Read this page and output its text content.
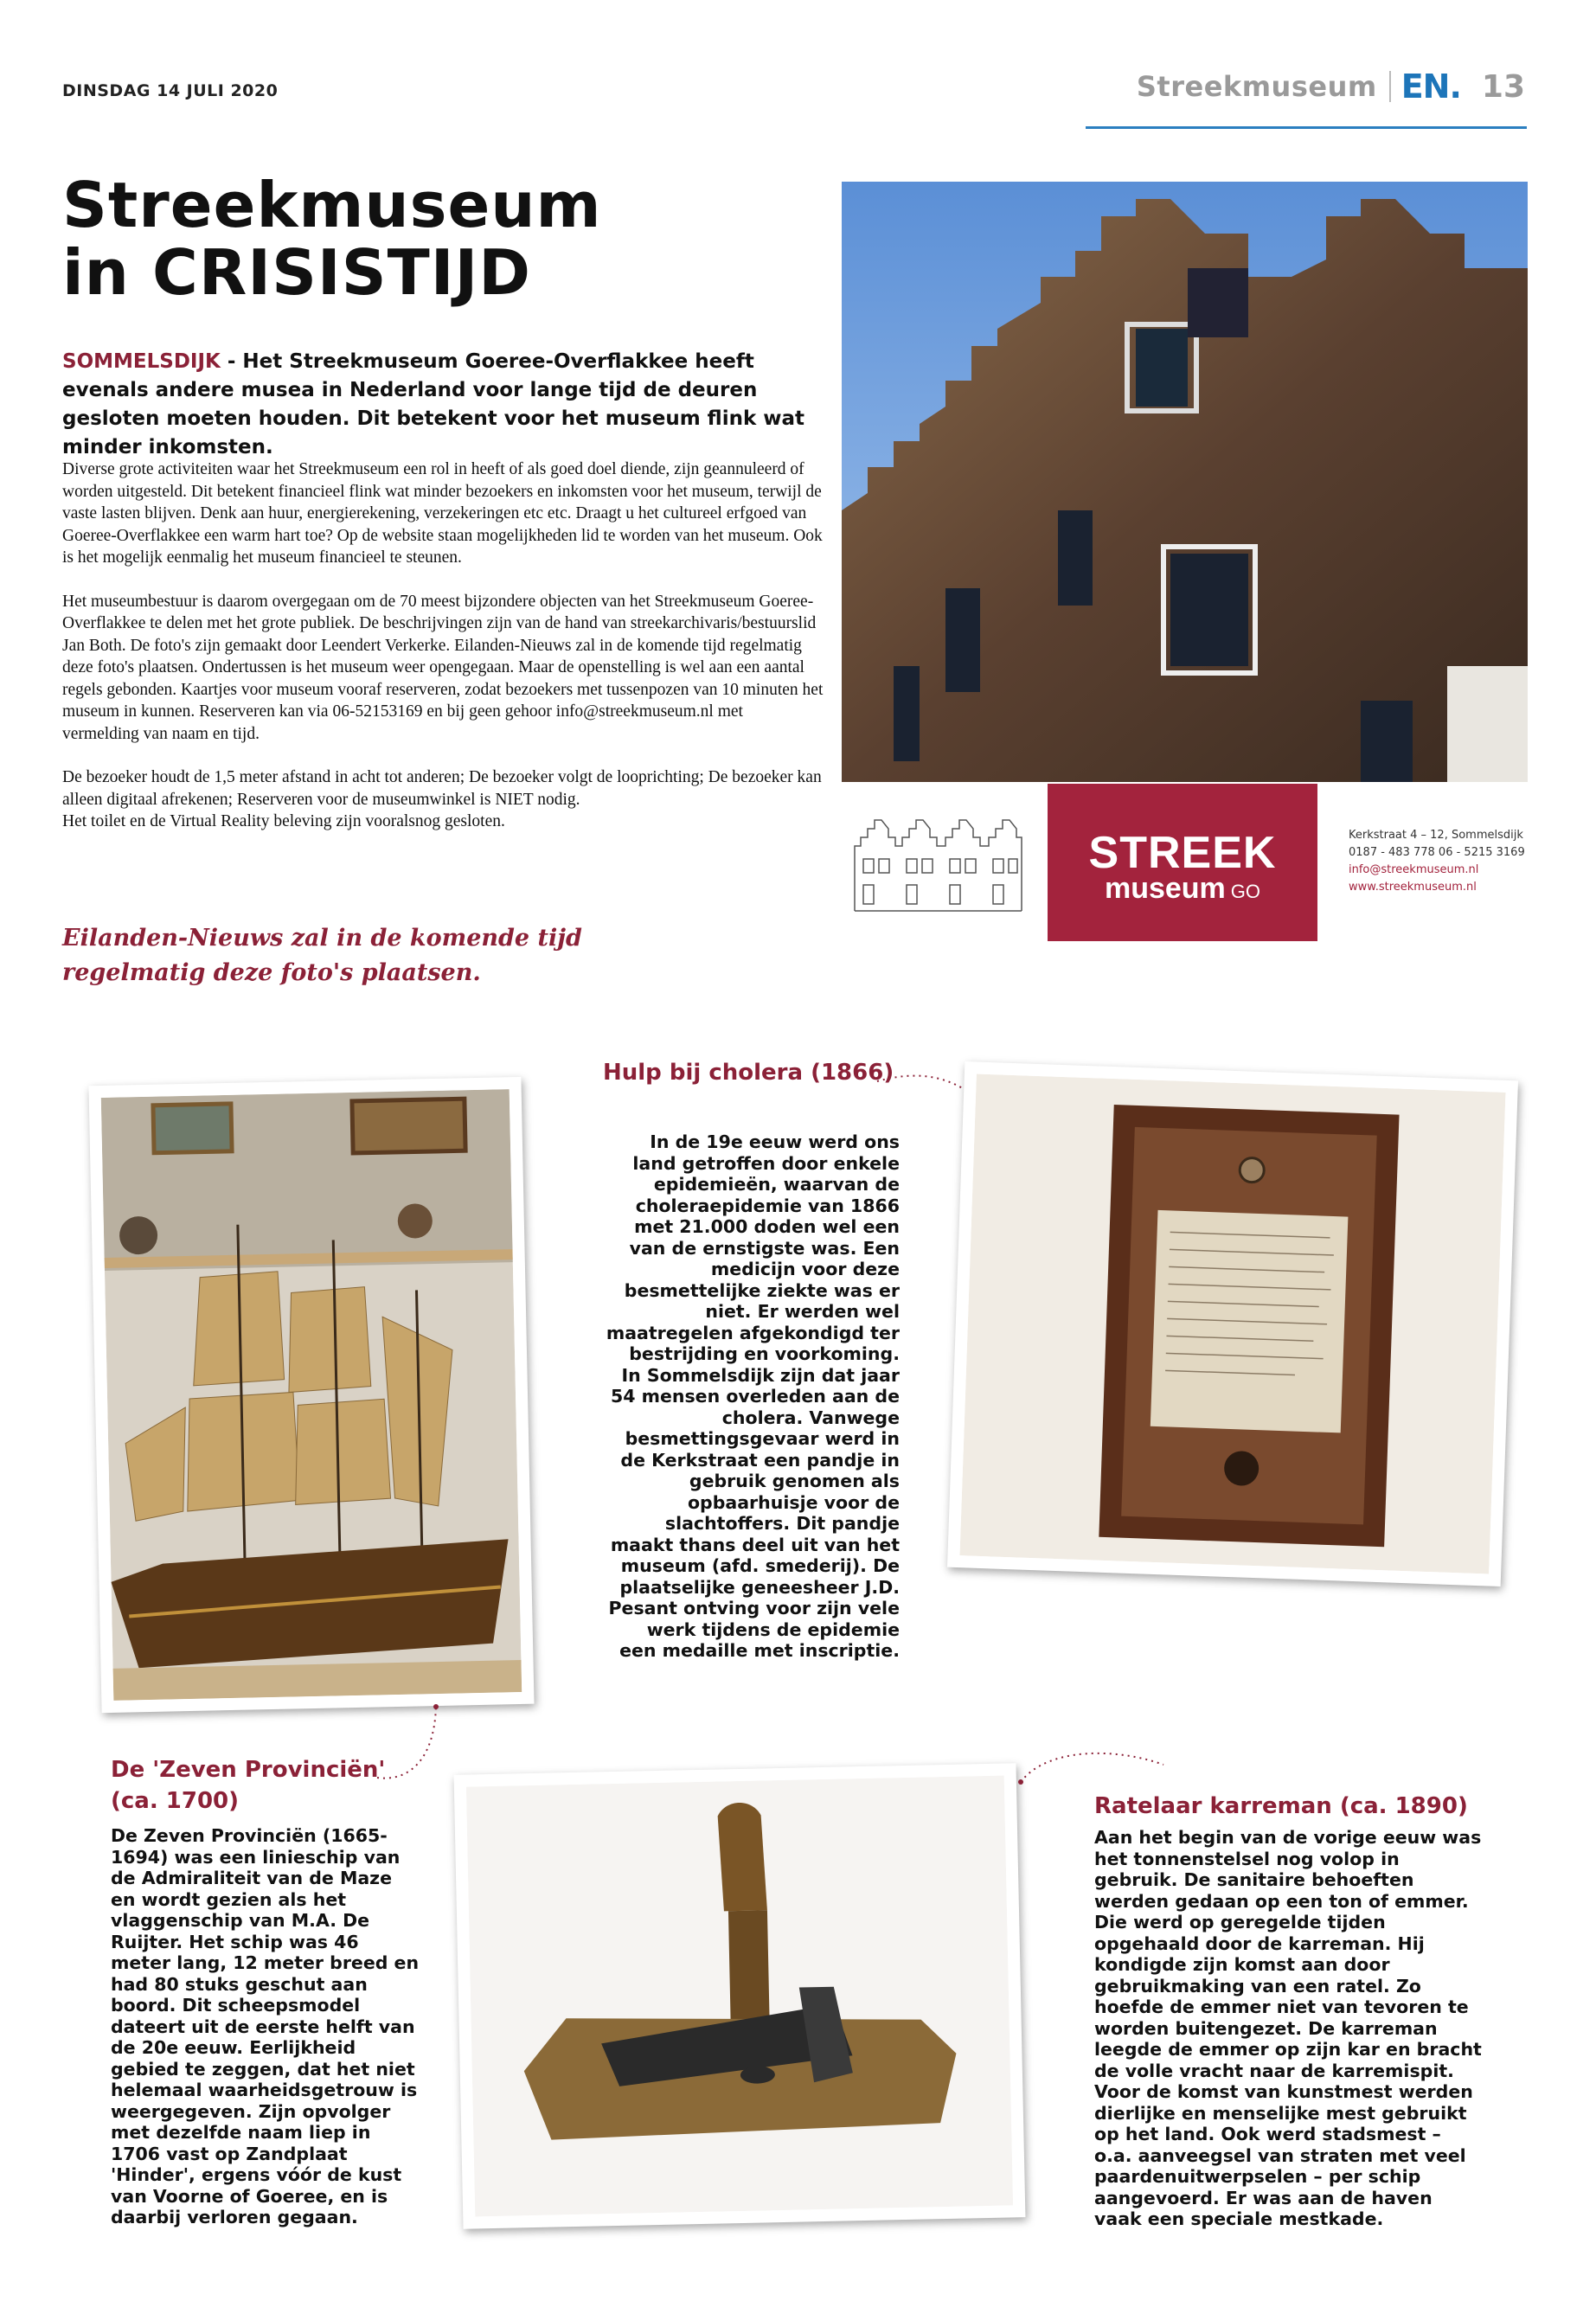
DINSDAG 14 JULI 2020	Streekmuseum EN. 13
Streekmuseum
in CRISISTIJD
SOMMELSDIJK - Het Streekmuseum Goeree-Overflakkee heeft evenals andere musea in Nederland voor lange tijd de deuren gesloten moeten houden. Dit betekent voor het museum flink wat minder inkomsten.

Diverse grote activiteiten waar het Streekmuseum een rol in heeft of als goed doel diende, zijn geannuleerd of worden uitgesteld. Dit betekent financieel flink wat minder bezoekers en inkomsten voor het museum, terwijl de vaste lasten blijven. Denk aan huur, energierekening, verzekeringen etc etc. Draagt u het cultureel erfgoed van Goeree-Overflakkee een warm hart toe? Op de website staan mogelijkheden lid te worden van het museum. Ook is het mogelijk eenmalig het museum financieel te steunen.

Het museumbestuur is daarom overgegaan om de 70 meest bijzondere objecten van het Streekmuseum Goeree-Overflakkee te delen met het grote publiek. De beschrijvingen zijn van de hand van streekarchivaris/bestuurslid Jan Both. De foto's zijn gemaakt door Leendert Verkerke. Eilanden-Nieuws zal in de komende tijd regelmatig deze foto's plaatsen. Ondertussen is het museum weer opengegaan. Maar de openstelling is wel aan een aantal regels gebonden. Kaartjes voor museum vooraf reserveren, zodat bezoekers met tussenpozen van 10 minuten het museum in kunnen. Reserveren kan via 06-52153169 en bij geen gehoor info@streekmuseum.nl met vermelding van naam en tijd.

De bezoeker houdt de 1,5 meter afstand in acht tot anderen; De bezoeker volgt de looprichting; De bezoeker kan alleen digitaal afrekenen; Reserveren voor de museumwinkel is NIET nodig.
Het toilet en de Virtual Reality beleving zijn vooralsnog gesloten.

Eilanden-Nieuws zal in de komende tijd regelmatig deze foto's plaatsen.
STREEK
museum GO
Kerkstraat 4 – 12, Sommelsdijk
0187 - 483 778 06 - 5215 3169
info@streekmuseum.nl
www.streekmuseum.nl
Hulp bij cholera (1866)
In de 19e eeuw werd ons land getroffen door enkele epidemieën, waarvan de choleraepidemie van 1866 met 21.000 doden wel een van de ernstigste was. Een medicijn voor deze besmettelijke ziekte was er niet. Er werden wel maatregelen afgekondigd ter bestrijding en voorkoming. In Sommelsdijk zijn dat jaar 54 mensen overleden aan de cholera. Vanwege besmettingsgevaar werd in de Kerkstraat een pandje in gebruik genomen als opbaarhuisje voor de slachtoffers. Dit pandje maakt thans deel uit van het museum (afd. smederij). De plaatselijke geneesheer J.D. Pesant ontving voor zijn vele werk tijdens de epidemie een medaille met inscriptie.
De 'Zeven Provinciën'
(ca. 1700)
De Zeven Provinciën (1665-1694) was een linieschip van de Admiraliteit van de Maze en wordt gezien als het vlaggenschip van M.A. De Ruijter. Het schip was 46 meter lang, 12 meter breed en had 80 stuks geschut aan boord. Dit scheepsmodel dateert uit de eerste helft van de 20e eeuw. Eerlijkheid gebied te zeggen, dat het niet helemaal waarheidsgetrouw is weergegeven. Zijn opvolger met dezelfde naam liep in 1706 vast op Zandplaat 'Hinder', ergens vóór de kust van Voorne of Goeree, en is daarbij verloren gegaan.
Ratelaar karreman (ca. 1890)
Aan het begin van de vorige eeuw was het tonnenstelsel nog volop in gebruik. De sanitaire behoeften werden gedaan op een ton of emmer. Die werd op geregelde tijden opgehaald door de karreman. Hij kondigde zijn komst aan door gebruikmaking van een ratel. Zo hoefde de emmer niet van tevoren te worden buitengezet. De karreman leegde de emmer op zijn kar en bracht de volle vracht naar de karremispit. Voor de komst van kunstmest werden dierlijke en menselijke mest gebruikt op het land. Ook werd stadsmest – o.a. aanveegsel van straten met veel paardenuitwerpselen – per schip aangevoerd. Er was aan de haven vaak een speciale mestkade.
